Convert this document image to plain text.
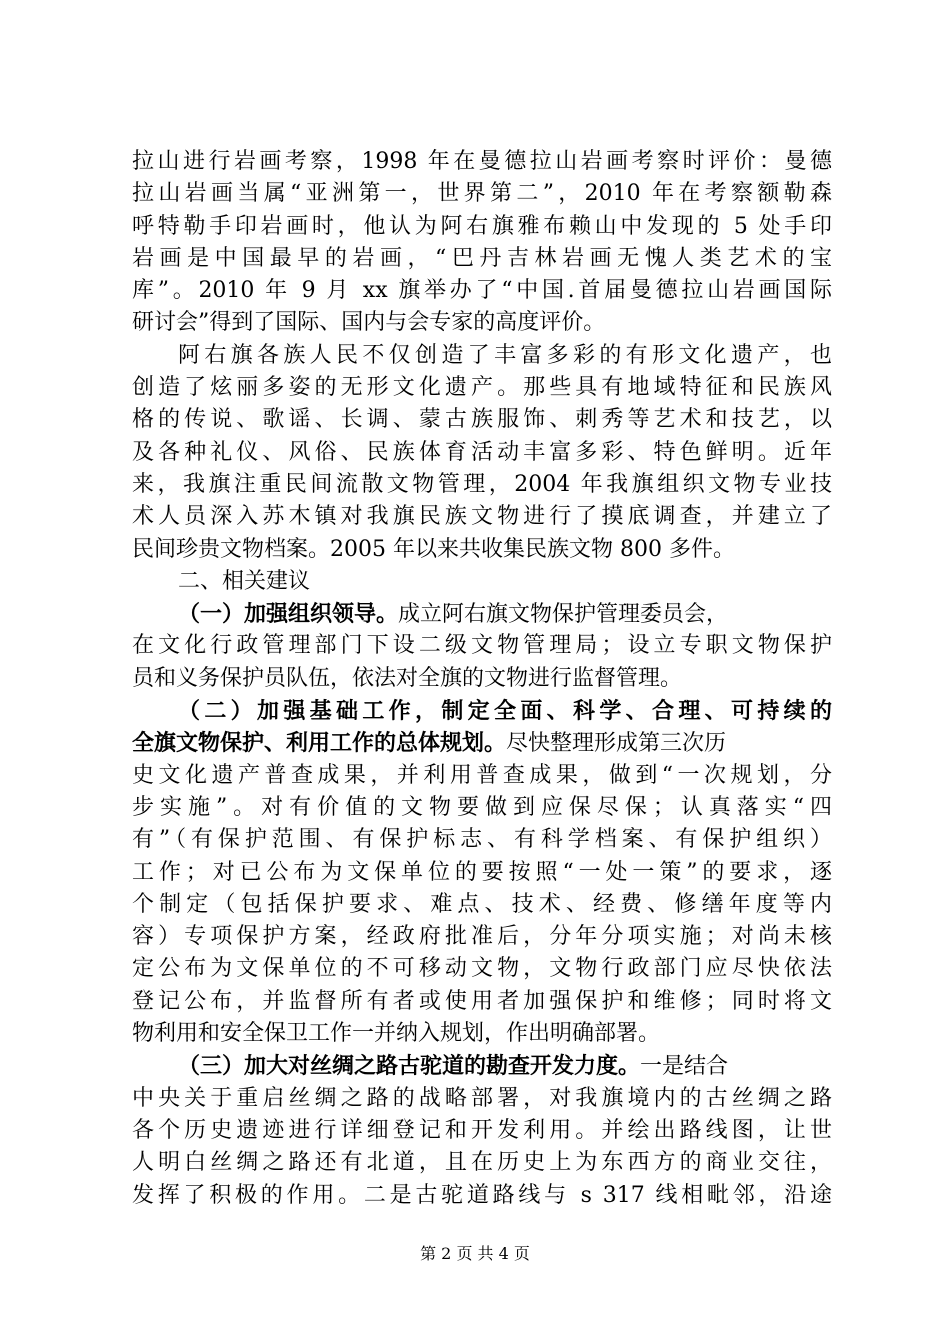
拉山进行岩画考察，1998 年在曼德拉山岩画考察时评价：曼德
拉山岩画当属“亚洲第一，世界第二”，2010 年在考察额勒森
呼特勒手印岩画时，他认为阿右旗雅布赖山中发现的 5 处手印
岩画是中国最早的岩画，“巴丹吉林岩画无愧人类艺术的宝
库”。2010 年 9 月 xx 旗举办了“中国.首届曼德拉山岩画国际
研讨会”得到了国际、国内与会专家的高度评价。
阿右旗各族人民不仅创造了丰富多彩的有形文化遗产，也
创造了炫丽多姿的无形文化遗产。那些具有地域特征和民族风
格的传说、歌谣、长调、蒙古族服饰、刺秀等艺术和技艺，以
及各种礼仪、风俗、民族体育活动丰富多彩、特色鲜明。近年
来，我旗注重民间流散文物管理，2004 年我旗组织文物专业技
术人员深入苏木镇对我旗民族文物进行了摸底调查，并建立了
民间珍贵文物档案。2005 年以来共收集民族文物 800 多件。
二、相关建议
（一）加强组织领导。成立阿右旗文物保护管理委员会，
在文化行政管理部门下设二级文物管理局；设立专职文物保护
员和义务保护员队伍，依法对全旗的文物进行监督管理。
（二）加强基础工作，制定全面、科学、合理、可持续的
全旗文物保护、利用工作的总体规划。尽快整理形成第三次历
史文化遗产普查成果，并利用普查成果，做到“一次规划，分
步实施”。对有价值的文物要做到应保尽保；认真落实“四
有”（有保护范围、有保护标志、有科学档案、有保护组织）
工作；对已公布为文保单位的要按照“一处一策”的要求，逐
个制定（包括保护要求、难点、技术、经费、修缮年度等内
容）专项保护方案，经政府批准后，分年分项实施；对尚未核
定公布为文保单位的不可移动文物，文物行政部门应尽快依法
登记公布，并监督所有者或使用者加强保护和维修；同时将文
物利用和安全保卫工作一并纳入规划，作出明确部署。
（三）加大对丝绸之路古驼道的勘查开发力度。一是结合
中央关于重启丝绸之路的战略部署，对我旗境内的古丝绸之路
各个历史遗迹进行详细登记和开发利用。并绘出路线图，让世
人明白丝绸之路还有北道，且在历史上为东西方的商业交往，
发挥了积极的作用。二是古驼道路线与 s 317 线相毗邻，沿途
第 2 页 共 4 页
